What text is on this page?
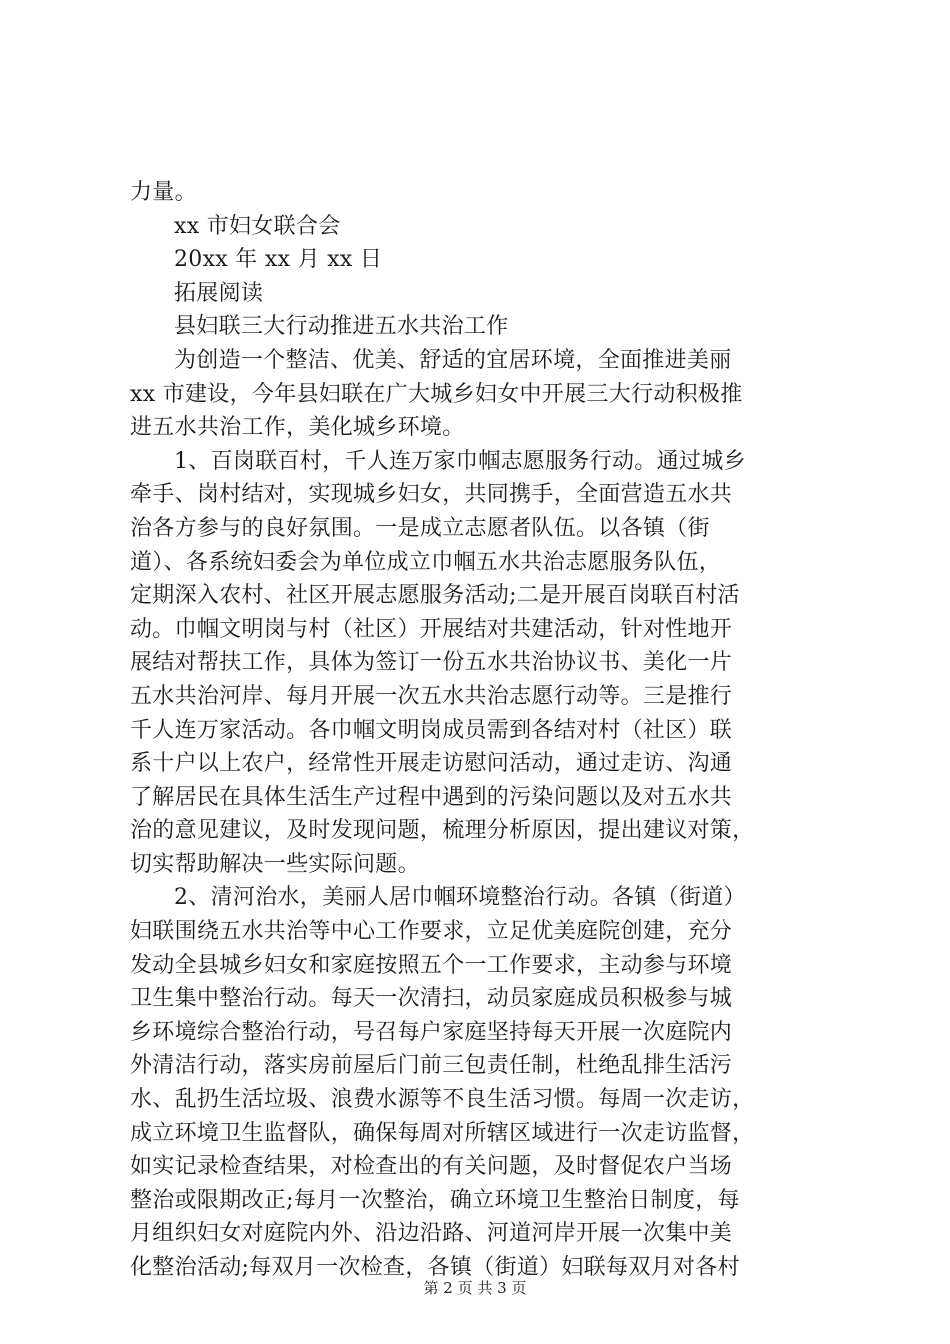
力量。
xx 市妇女联合会
20xx 年 xx 月 xx 日
拓展阅读
县妇联三大行动推进五水共治工作
为创造一个整洁、优美、舒适的宜居环境，全面推进美丽
xx 市建设，今年县妇联在广大城乡妇女中开展三大行动积极推
进五水共治工作，美化城乡环境。
1、百岗联百村，千人连万家巾帼志愿服务行动。通过城乡
牵手、岗村结对，实现城乡妇女，共同携手，全面营造五水共
治各方参与的良好氛围。一是成立志愿者队伍。以各镇（街
道）、各系统妇委会为单位成立巾帼五水共治志愿服务队伍，
定期深入农村、社区开展志愿服务活动;二是开展百岗联百村活
动。巾帼文明岗与村（社区）开展结对共建活动，针对性地开
展结对帮扶工作，具体为签订一份五水共治协议书、美化一片
五水共治河岸、每月开展一次五水共治志愿行动等。三是推行
千人连万家活动。各巾帼文明岗成员需到各结对村（社区）联
系十户以上农户，经常性开展走访慰问活动，通过走访、沟通
了解居民在具体生活生产过程中遇到的污染问题以及对五水共
治的意见建议，及时发现问题，梳理分析原因，提出建议对策，
切实帮助解决一些实际问题。
2、清河治水，美丽人居巾帼环境整治行动。各镇（街道）
妇联围绕五水共治等中心工作要求，立足优美庭院创建，充分
发动全县城乡妇女和家庭按照五个一工作要求，主动参与环境
卫生集中整治行动。每天一次清扫，动员家庭成员积极参与城
乡环境综合整治行动，号召每户家庭坚持每天开展一次庭院内
外清洁行动，落实房前屋后门前三包责任制，杜绝乱排生活污
水、乱扔生活垃圾、浪费水源等不良生活习惯。每周一次走访，
成立环境卫生监督队，确保每周对所辖区域进行一次走访监督，
如实记录检查结果，对检查出的有关问题，及时督促农户当场
整治或限期改正;每月一次整治，确立环境卫生整治日制度，每
月组织妇女对庭院内外、沿边沿路、河道河岸开展一次集中美
化整治活动;每双月一次检查，各镇（街道）妇联每双月对各村
第 2 页 共 3 页
